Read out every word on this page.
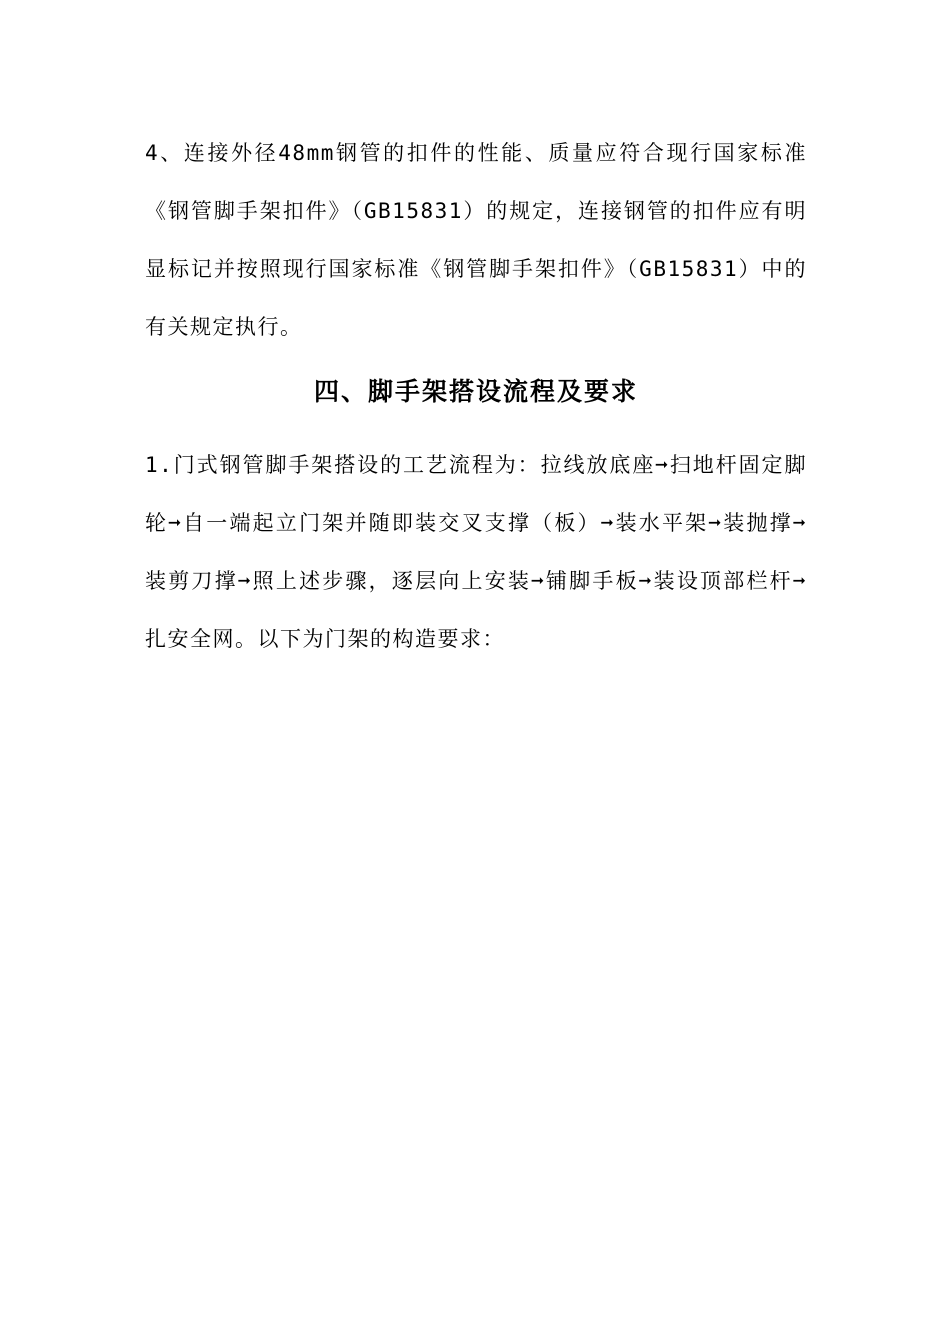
4、连接外径48mm钢管的扣件的性能、质量应符合现行国家标准《钢管脚手架扣件》（GB15831）的规定，连接钢管的扣件应有明显标记并按照现行国家标准《钢管脚手架扣件》（GB15831）中的有关规定执行。

四、脚手架搭设流程及要求

1.门式钢管脚手架搭设的工艺流程为：拉线放底座➞扫地杆固定脚轮➞自一端起立门架并随即装交叉支撑（板）➞装水平架➞装抛撑➞装剪刀撑➞照上述步骤，逐层向上安装➞铺脚手板➞装设顶部栏杆➞扎安全网。以下为门架的构造要求：
